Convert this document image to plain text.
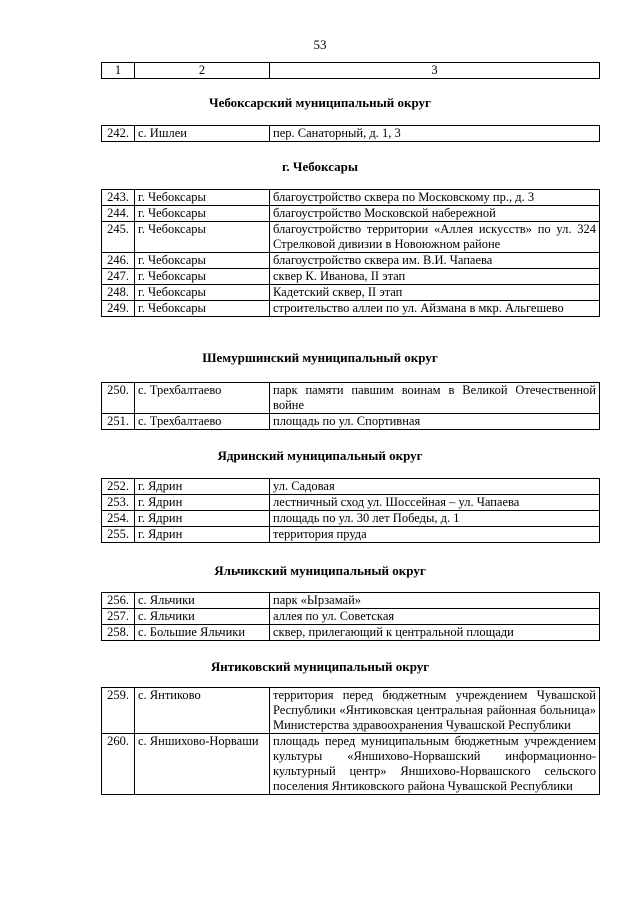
53
1	2	3
Чебоксарский муниципальный округ
242.	с. Ишлеи	пер. Санаторный, д. 1, 3
г. Чебоксары
243.	г. Чебоксары	благоустройство сквера по Московскому пр., д. 3
244.	г. Чебоксары	благоустройство Московской набережной
245.	г. Чебоксары	благоустройство территории «Аллея искусств» по ул. 324 Стрелковой дивизии в Новоюжном районе
246.	г. Чебоксары	благоустройство сквера им. В.И. Чапаева
247.	г. Чебоксары	сквер К. Иванова, II этап
248.	г. Чебоксары	Кадетский сквер, II этап
249.	г. Чебоксары	строительство аллеи по ул. Айзмана в мкр. Альгешево
Шемуршинский муниципальный округ
250.	с. Трехбалтаево	парк памяти павшим воинам в Великой Отечественной войне
251.	с. Трехбалтаево	площадь по ул. Спортивная
Ядринский муниципальный округ
252.	г. Ядрин	ул. Садовая
253.	г. Ядрин	лестничный сход ул. Шоссейная – ул. Чапаева
254.	г. Ядрин	площадь по ул. 30 лет Победы, д. 1
255.	г. Ядрин	территория пруда
Яльчикский муниципальный округ
256.	с. Яльчики	парк «Ырзамай»
257.	с. Яльчики	аллея по ул. Советская
258.	с. Большие Яльчики	сквер, прилегающий к центральной площади
Янтиковский муниципальный округ
259.	с. Янтиково	территория перед бюджетным учреждением Чувашской Республики «Янтиковская центральная районная больница» Министерства здравоохранения Чувашской Республики
260.	с. Яншихово-Норваши	площадь перед муниципальным бюджетным учреждением культуры «Яншихово-Норвашский информационно-культурный центр» Яншихово-Норвашского сельского поселения Янтиковского района Чувашской Республики
